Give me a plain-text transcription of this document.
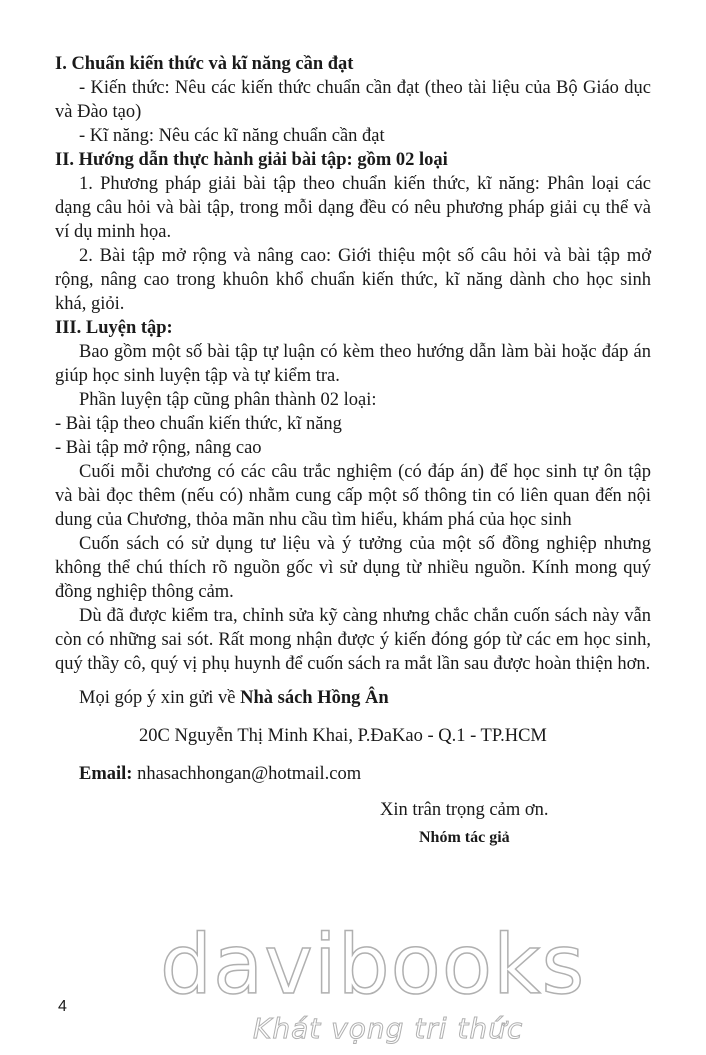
I. Chuẩn kiến thức và kĩ năng cần đạt

- Kiến thức: Nêu các kiến thức chuẩn cần đạt (theo tài liệu của Bộ Giáo dục và Đào tạo)

- Kĩ năng: Nêu các kĩ năng chuẩn cần đạt

II. Hướng dẫn thực hành giải bài tập: gồm 02 loại

1. Phương pháp giải bài tập theo chuẩn kiến thức, kĩ năng: Phân loại các dạng câu hỏi và bài tập, trong mỗi dạng đều có nêu phương pháp giải cụ thể và ví dụ minh họa.

2. Bài tập mở rộng và nâng cao: Giới thiệu một số câu hỏi và bài tập mở rộng, nâng cao trong khuôn khổ chuẩn kiến thức, kĩ năng dành cho học sinh khá, giỏi.

III. Luyện tập:

Bao gồm một số bài tập tự luận có kèm theo hướng dẫn làm bài hoặc đáp án giúp học sinh luyện tập và tự kiểm tra.

Phần luyện tập cũng phân thành 02 loại:

- Bài tập theo chuẩn kiến thức, kĩ năng

- Bài tập mở rộng, nâng cao

Cuối mỗi chương có các câu trắc nghiệm (có đáp án) để học sinh tự ôn tập và bài đọc thêm (nếu có) nhằm cung cấp một số thông tin có liên quan đến nội dung của Chương, thỏa mãn nhu cầu tìm hiểu, khám phá của học sinh

Cuốn sách có sử dụng tư liệu và ý tưởng của một số đồng nghiệp nhưng không thể chú thích rõ nguồn gốc vì sử dụng từ nhiều nguồn. Kính mong quý đồng nghiệp thông cảm.

Dù đã được kiểm tra, chỉnh sửa kỹ càng nhưng chắc chắn cuốn sách này vẫn còn có những sai sót. Rất mong nhận được ý kiến đóng góp từ các em học sinh, quý thầy cô, quý vị phụ huynh để cuốn sách ra mắt lần sau được hoàn thiện hơn.

Mọi góp ý xin gửi về Nhà sách Hồng Ân

20C Nguyễn Thị Minh Khai, P.ĐaKao - Q.1 - TP.HCM

Email: nhasachhongan@hotmail.com

Xin trân trọng cảm ơn.

Nhóm tác giả

davibooks
4
Khát vọng tri thức
